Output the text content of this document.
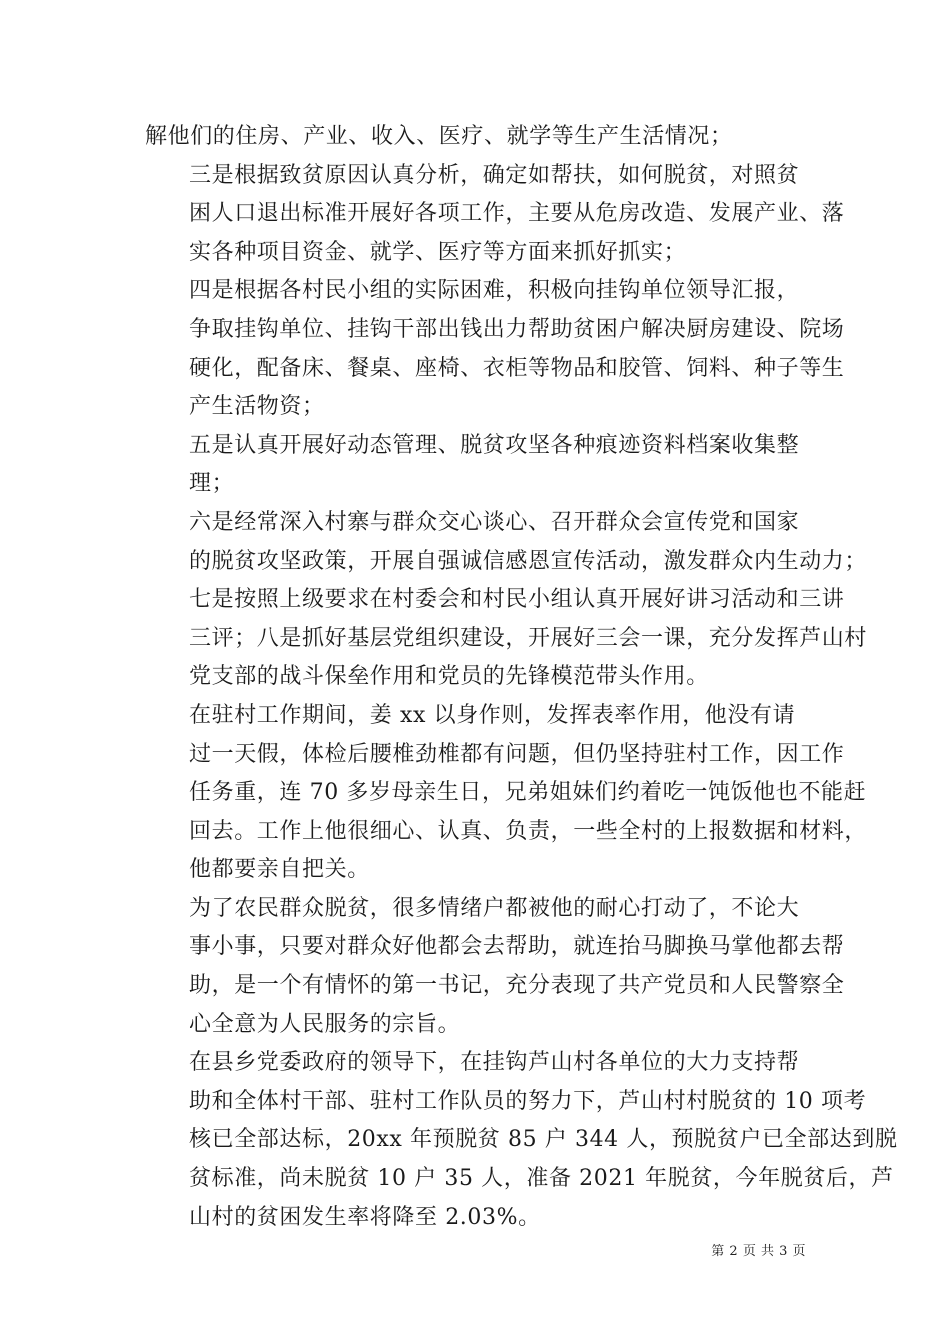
解他们的住房、产业、收入、医疗、就学等生产生活情况；

三是根据致贫原因认真分析，确定如帮扶，如何脱贫，对照贫
困人口退出标准开展好各项工作，主要从危房改造、发展产业、落
实各种项目资金、就学、医疗等方面来抓好抓实；

四是根据各村民小组的实际困难，积极向挂钩单位领导汇报，
争取挂钩单位、挂钩干部出钱出力帮助贫困户解决厨房建设、院场
硬化，配备床、餐桌、座椅、衣柜等物品和胶管、饲料、种子等生
产生活物资；

五是认真开展好动态管理、脱贫攻坚各种痕迹资料档案收集整
理；

六是经常深入村寨与群众交心谈心、召开群众会宣传党和国家
的脱贫攻坚政策，开展自强诚信感恩宣传活动，激发群众内生动力；
七是按照上级要求在村委会和村民小组认真开展好讲习活动和三讲
三评；八是抓好基层党组织建设，开展好三会一课，充分发挥芦山村
党支部的战斗保垒作用和党员的先锋模范带头作用。

在驻村工作期间，姜 xx 以身作则，发挥表率作用，他没有请
过一天假，体检后腰椎劲椎都有问题，但仍坚持驻村工作，因工作
任务重，连 70 多岁母亲生日，兄弟姐妹们约着吃一饨饭他也不能赶
回去。工作上他很细心、认真、负责，一些全村的上报数据和材料，
他都要亲自把关。

为了农民群众脱贫，很多情绪户都被他的耐心打动了，不论大
事小事，只要对群众好他都会去帮助，就连抬马脚换马掌他都去帮
助，是一个有情怀的第一书记，充分表现了共产党员和人民警察全
心全意为人民服务的宗旨。

在县乡党委政府的领导下，在挂钩芦山村各单位的大力支持帮
助和全体村干部、驻村工作队员的努力下，芦山村村脱贫的 10 项考
核已全部达标，20xx 年预脱贫 85 户 344 人，预脱贫户已全部达到脱
贫标准，尚未脱贫 10 户 35 人，准备 2021 年脱贫，今年脱贫后，芦
山村的贫困发生率将降至 2.03%。

第 2 页 共 3 页
